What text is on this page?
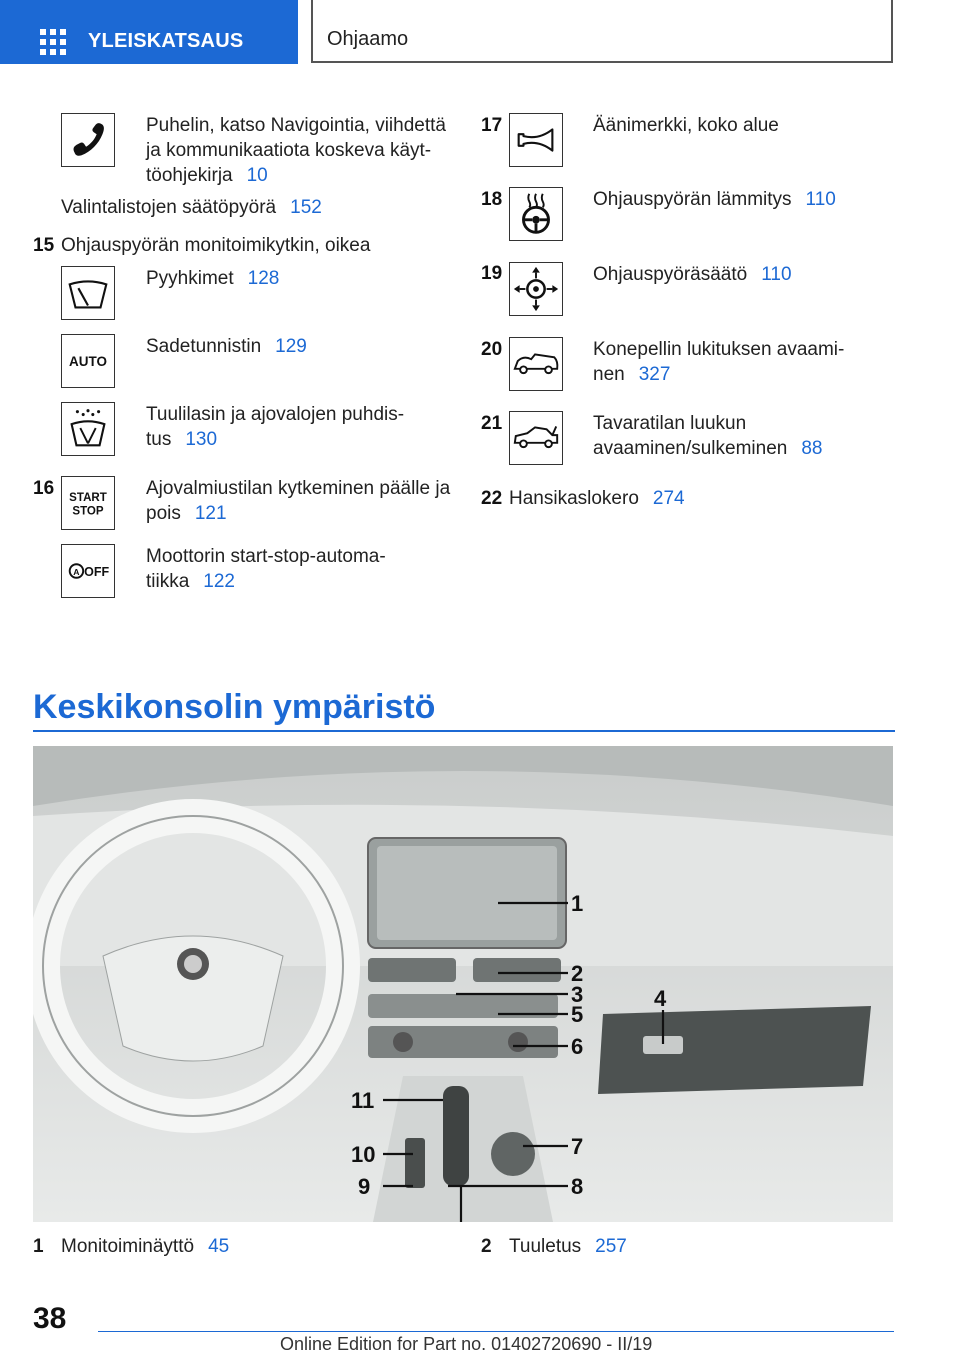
YLEISKATSAUS	Ohjaamo
Puhelin, katso Navigointia, viihdettä ja kommunikaatiota koskeva käyt-töohjekirja 10
Valintalistojen säätöpyörä 152
15 Ohjauspyörän monitoimikytkin, oikea
Pyyhkimet 128
AUTO
Sadetunnistin 129
Tuulilasin ja ajovalojen puhdis-tus 130
16 START
STOP
Ajovalmiustilan kytkeminen päälle ja pois 121
A OFF
Moottorin start-stop-automa-tiikka 122
17	Äänimerkki, koko alue
18	Ohjauspyörän lämmitys 110
19	Ohjauspyöräsäätö 110
20	Konepellin lukituksen avaami-nen 327
21	Tavaratilan luukun avaaminen/sulkeminen 88
22 Hansikaslokero 274
Keskikonsolin ympäristö
1
2
3	4
5
6
7
8
9
10
11
1 Monitoiminäyttö 45	2 Tuuletus 257
38
Online Edition for Part no. 01402720690 - II/19
